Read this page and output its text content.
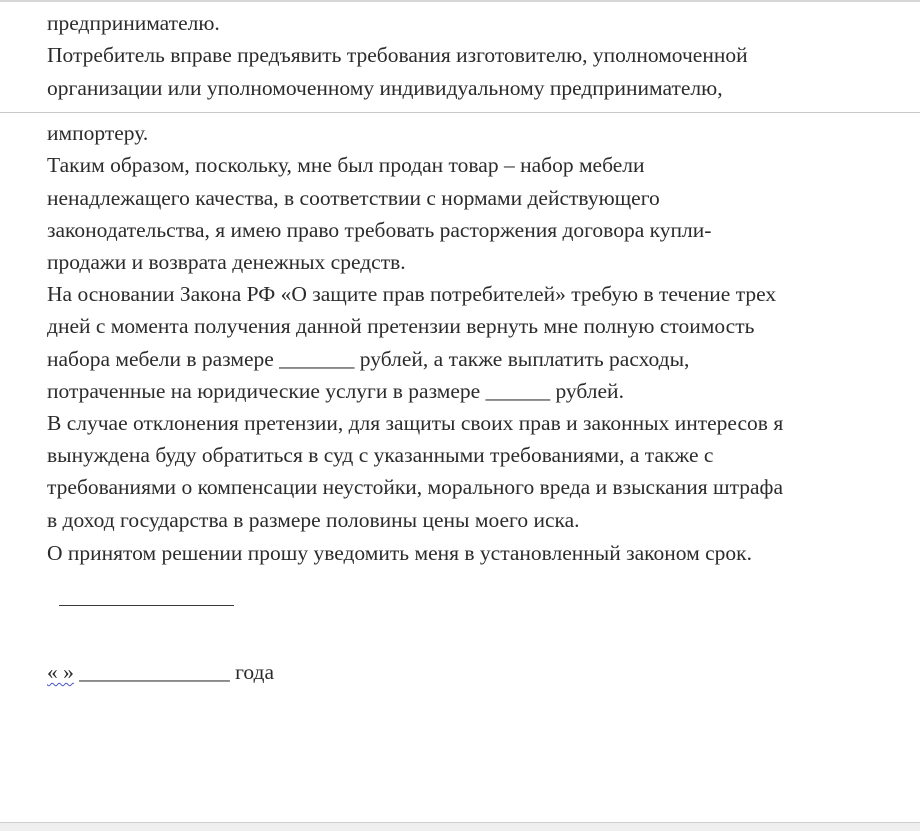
предпринимателю.
Потребитель вправе предъявить требования изготовителю, уполномоченной
организации или уполномоченному индивидуальному предпринимателю,
импортеру.
Таким образом, поскольку, мне был продан товар – набор мебели
ненадлежащего качества, в соответствии с нормами действующего
законодательства, я имею право требовать расторжения договора купли-
продажи и возврата денежных средств.
На основании Закона РФ «О защите прав потребителей» требую в течение трех
дней с момента получения данной претензии вернуть мне полную стоимость
набора мебели в размере _______ рублей, а также выплатить расходы,
потраченные на юридические услуги в размере ______ рублей.
В случае отклонения претензии, для защиты своих прав и законных интересов я
вынуждена буду обратиться в суд с указанными требованиями, а также с
требованиями о компенсации неустойки, морального вреда и взыскания штрафа
в доход государства в размере половины цены моего иска.
О принятом решении прошу уведомить меня в установленный законом срок.
« » ______________ года
